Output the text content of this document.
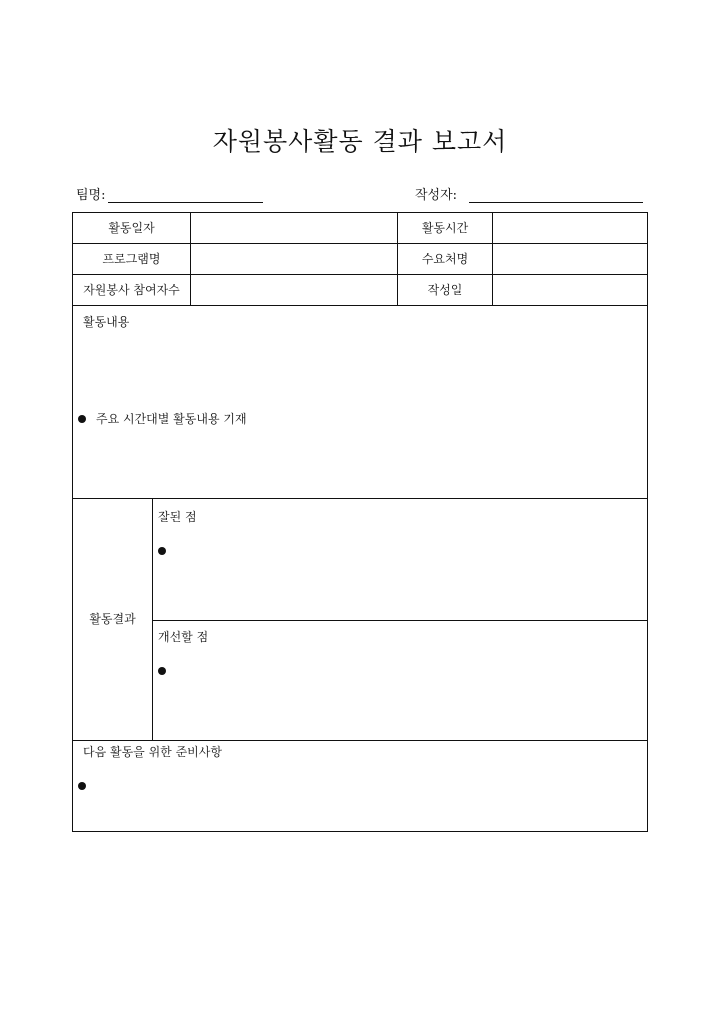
자원봉사활동 결과 보고서
팀명:	작성자:
활동일자	활동시간
프로그램명	수요처명
자원봉사 참여자수	작성일
활동내용
주요 시간대별 활동내용 기재
활동결과
잘된 점
개선할 점
다음 활동을 위한 준비사항
